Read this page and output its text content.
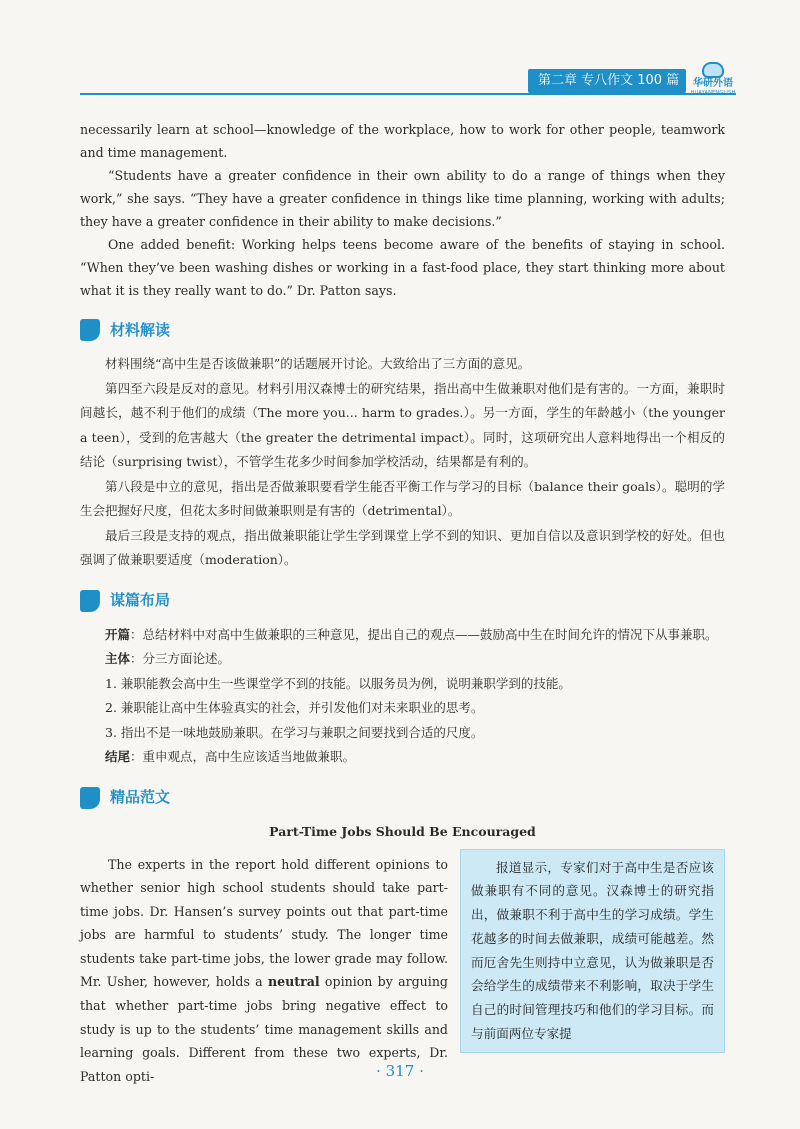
第二章 专八作文 100 篇	华研外语

necessarily learn at school—knowledge of the workplace, how to work for other people, teamwork and time management.

“Students have a greater confidence in their own ability to do a range of things when they work,” she says. “They have a greater confidence in things like time planning, working with adults; they have a greater confidence in their ability to make decisions.”

One added benefit: Working helps teens become aware of the benefits of staying in school. “When they’ve been washing dishes or working in a fast-food place, they start thinking more about what it is they really want to do.” Dr. Patton says.

材料解读

材料围绕“高中生是否该做兼职”的话题展开讨论。大致给出了三方面的意见。

第四至六段是反对的意见。材料引用汉森博士的研究结果，指出高中生做兼职对他们是有害的。一方面，兼职时间越长，越不利于他们的成绩（The more you... harm to grades.）。另一方面，学生的年龄越小（the younger a teen），受到的危害越大（the greater the detrimental impact）。同时，这项研究出人意料地得出一个相反的结论（surprising twist），不管学生花多少时间参加学校活动，结果都是有利的。

第八段是中立的意见，指出是否做兼职要看学生能否平衡工作与学习的目标（balance their goals）。聪明的学生会把握好尺度，但花太多时间做兼职则是有害的（detrimental）。

最后三段是支持的观点，指出做兼职能让学生学到课堂上学不到的知识、更加自信以及意识到学校的好处。但也强调了做兼职要适度（moderation）。

谋篇布局

开篇：总结材料中对高中生做兼职的三种意见，提出自己的观点——鼓励高中生在时间允许的情况下从事兼职。

主体：分三方面论述。

1. 兼职能教会高中生一些课堂学不到的技能。以服务员为例，说明兼职学到的技能。

2. 兼职能让高中生体验真实的社会，并引发他们对未来职业的思考。

3. 指出不是一味地鼓励兼职。在学习与兼职之间要找到合适的尺度。

结尾：重申观点，高中生应该适当地做兼职。

精品范文
Part-Time Jobs Should Be Encouraged

The experts in the report hold different opinions to whether senior high school students should take part-time jobs. Dr. Hansen’s survey points out that part-time jobs are harmful to students’ study. The longer time students take part-time jobs, the lower grade may follow. Mr. Usher, however, holds a neutral opinion by arguing that whether part-time jobs bring negative effect to study is up to the students’ time management skills and learning goals. Different from these two experts, Dr. Patton opti-

报道显示，专家们对于高中生是否应该做兼职有不同的意见。汉森博士的研究指出，做兼职不利于高中生的学习成绩。学生花越多的时间去做兼职，成绩可能越差。然而厄舍先生则持中立意见，认为做兼职是否会给学生的成绩带来不利影响，取决于学生自己的时间管理技巧和他们的学习目标。而与前面两位专家提
· 317 ·
